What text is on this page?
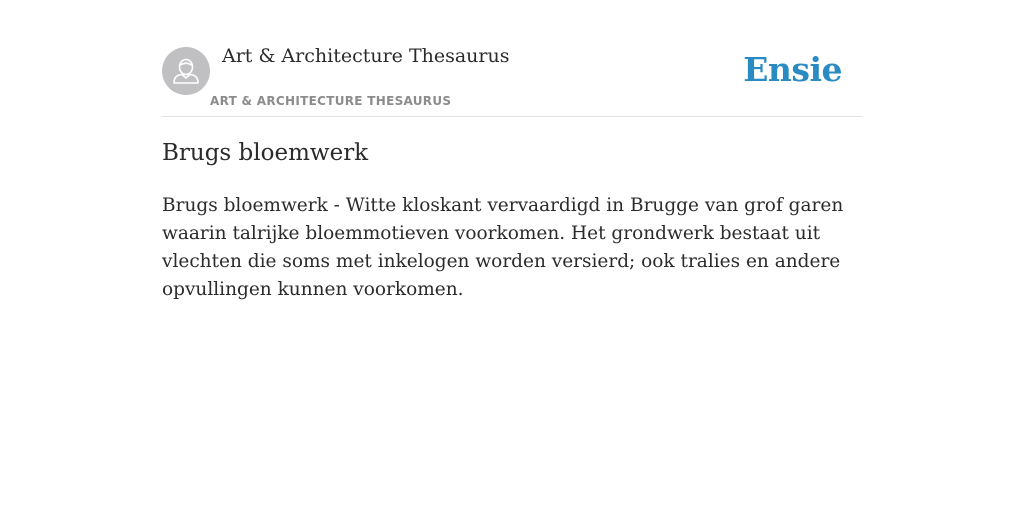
Art & Architecture Thesaurus
ART & ARCHITECTURE THESAURUS
Ensie
Brugs bloemwerk

Brugs bloemwerk - Witte kloskant vervaardigd in Brugge van grof garen waarin talrijke bloemmotieven voorkomen. Het grondwerk bestaat uit vlechten die soms met inkelogen worden versierd; ook tralies en andere opvullingen kunnen voorkomen.
